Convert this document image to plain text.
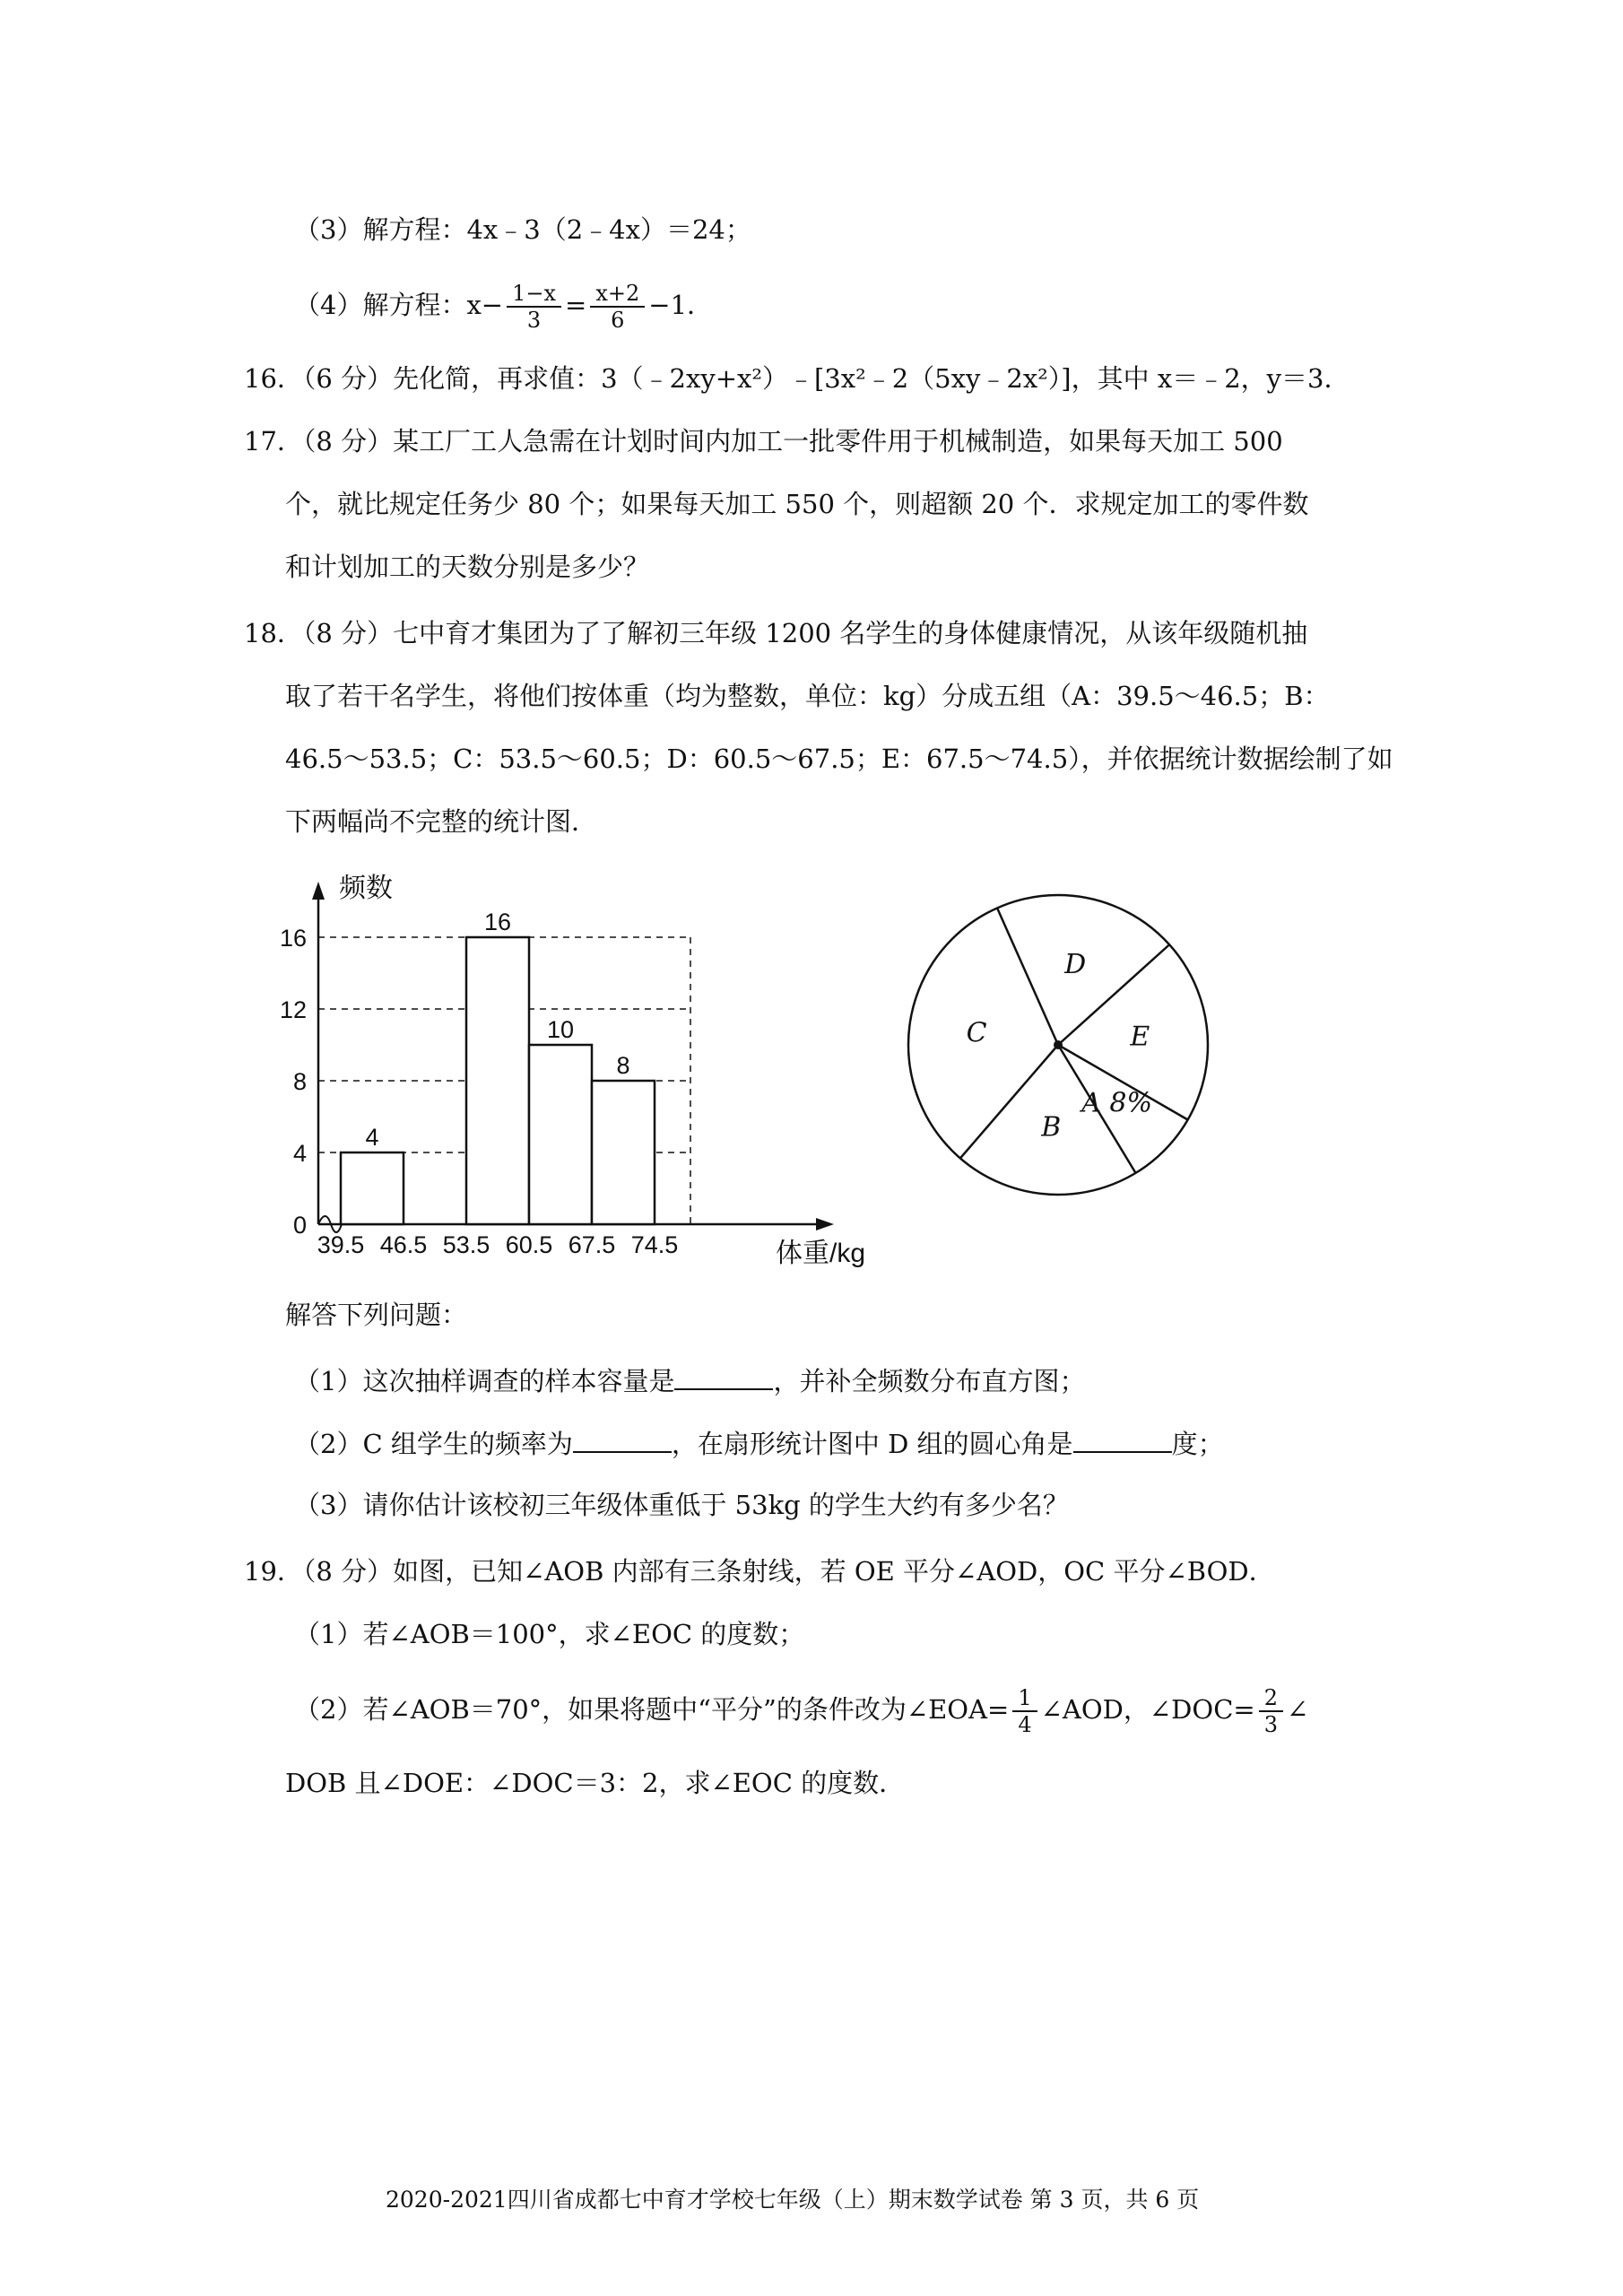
（3）解方程：4x﹣3（2﹣4x）＝24；
（4）解方程：$x- \frac{1-x}{3} = \frac{x+2}{6} -1$．
16．（6 分）先化简，再求值：3（﹣2xy+x²）﹣[3x²﹣2（5xy﹣2x²）]，其中 x＝﹣2，y＝3．
17．（8 分）某工厂工人急需在计划时间内加工一批零件用于机械制造，如果每天加工 500
个，就比规定任务少 80 个；如果每天加工 550 个，则超额 20 个．求规定加工的零件数
和计划加工的天数分别是多少？
18．（8 分）七中育才集团为了了解初三年级 1200 名学生的身体健康情况，从该年级随机抽
取了若干名学生，将他们按体重（均为整数，单位：kg）分成五组（A：39.5～46.5；B：
46.5～53.5；C：53.5～60.5；D：60.5～67.5；E：67.5～74.5），并依据统计数据绘制了如
下两幅尚不完整的统计图．
4
16
10
8
0
4
8
12
16
39.5 46.5 53.5 60.5 67.5 74.5
频数
体重/kg
A 8%
B
C
D
E
解答下列问题：
（1）这次抽样调查的样本容量是	，并补全频数分布直方图；
（2）C 组学生的频率为	，在扇形统计图中 D 组的圆心角是	度；
（3）请你估计该校初三年级体重低于 53kg 的学生大约有多少名？
19．（8 分）如图，已知∠AOB 内部有三条射线，若 OE 平分∠AOD，OC 平分∠BOD．
（1）若∠AOB＝100°，求∠EOC 的度数；
（2）若∠AOB＝70°，如果将题中“平分”的条件改为∠EOA= $\frac{1}{4}$ ∠AOD，∠DOC= $\frac{2}{3}$ ∠
DOB 且∠DOE：∠DOC＝3：2，求∠EOC 的度数．
2020-2021四川省成都七中育才学校七年级（上）期末数学试卷 第 3 页，共 6 页
